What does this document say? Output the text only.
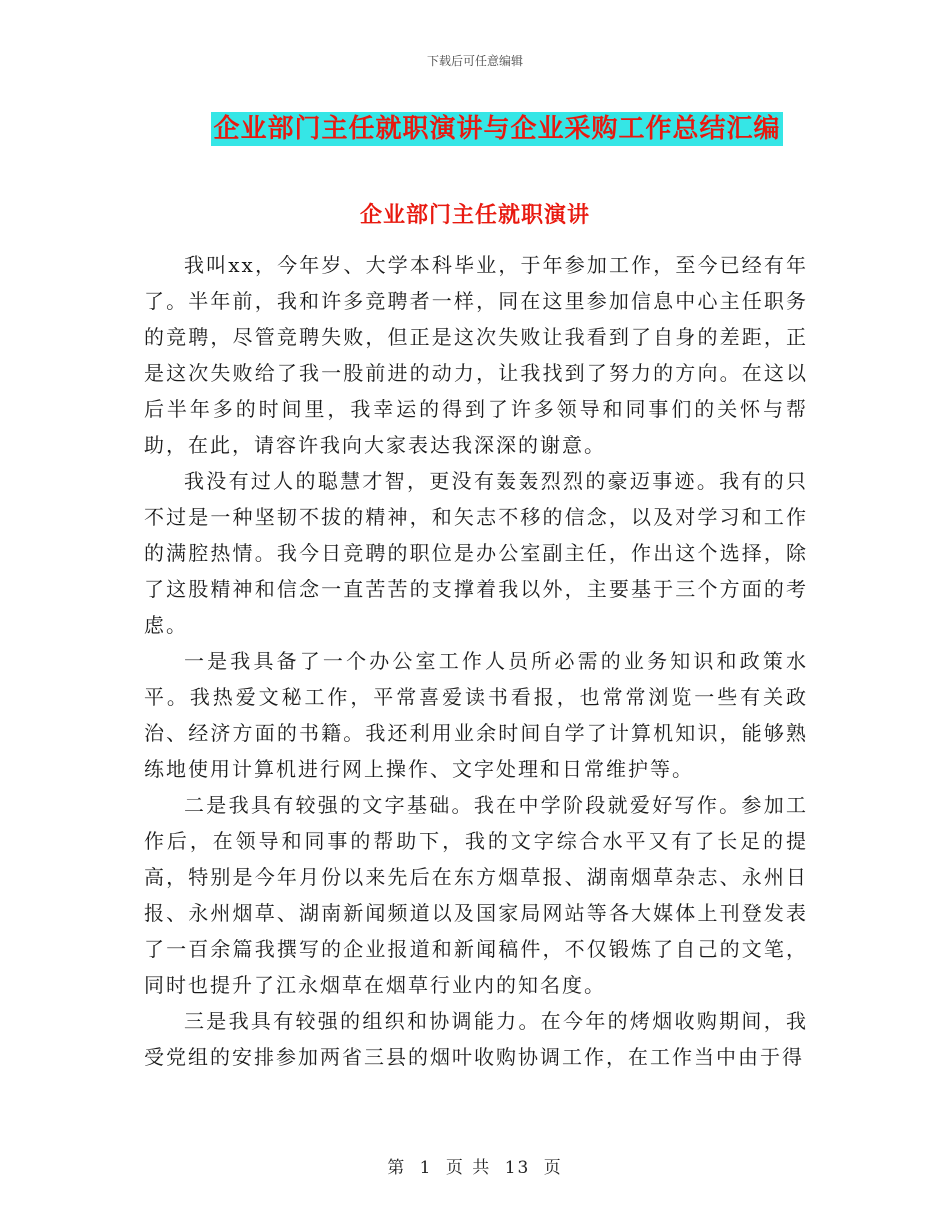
下载后可任意编辑
企业部门主任就职演讲与企业采购工作总结汇编
企业部门主任就职演讲

我叫xx，今年岁、大学本科毕业，于年参加工作，至今已经有年了。半年前，我和许多竞聘者一样，同在这里参加信息中心主任职务的竞聘，尽管竞聘失败，但正是这次失败让我看到了自身的差距，正是这次失败给了我一股前进的动力，让我找到了努力的方向。在这以后半年多的时间里，我幸运的得到了许多领导和同事们的关怀与帮助，在此，请容许我向大家表达我深深的谢意。

我没有过人的聪慧才智，更没有轰轰烈烈的豪迈事迹。我有的只不过是一种坚韧不拔的精神，和矢志不移的信念，以及对学习和工作的满腔热情。我今日竞聘的职位是办公室副主任，作出这个选择，除了这股精神和信念一直苦苦的支撑着我以外，主要基于三个方面的考虑。

一是我具备了一个办公室工作人员所必需的业务知识和政策水平。我热爱文秘工作，平常喜爱读书看报，也常常浏览一些有关政治、经济方面的书籍。我还利用业余时间自学了计算机知识，能够熟练地使用计算机进行网上操作、文字处理和日常维护等。

二是我具有较强的文字基础。我在中学阶段就爱好写作。参加工作后，在领导和同事的帮助下，我的文字综合水平又有了长足的提高，特别是今年月份以来先后在东方烟草报、湖南烟草杂志、永州日报、永州烟草、湖南新闻频道以及国家局网站等各大媒体上刊登发表了一百余篇我撰写的企业报道和新闻稿件，不仅锻炼了自己的文笔，同时也提升了江永烟草在烟草行业内的知名度。

三是我具有较强的组织和协调能力。在今年的烤烟收购期间，我受党组的安排参加两省三县的烟叶收购协调工作，在工作当中由于得

第 1 页 共 13 页
